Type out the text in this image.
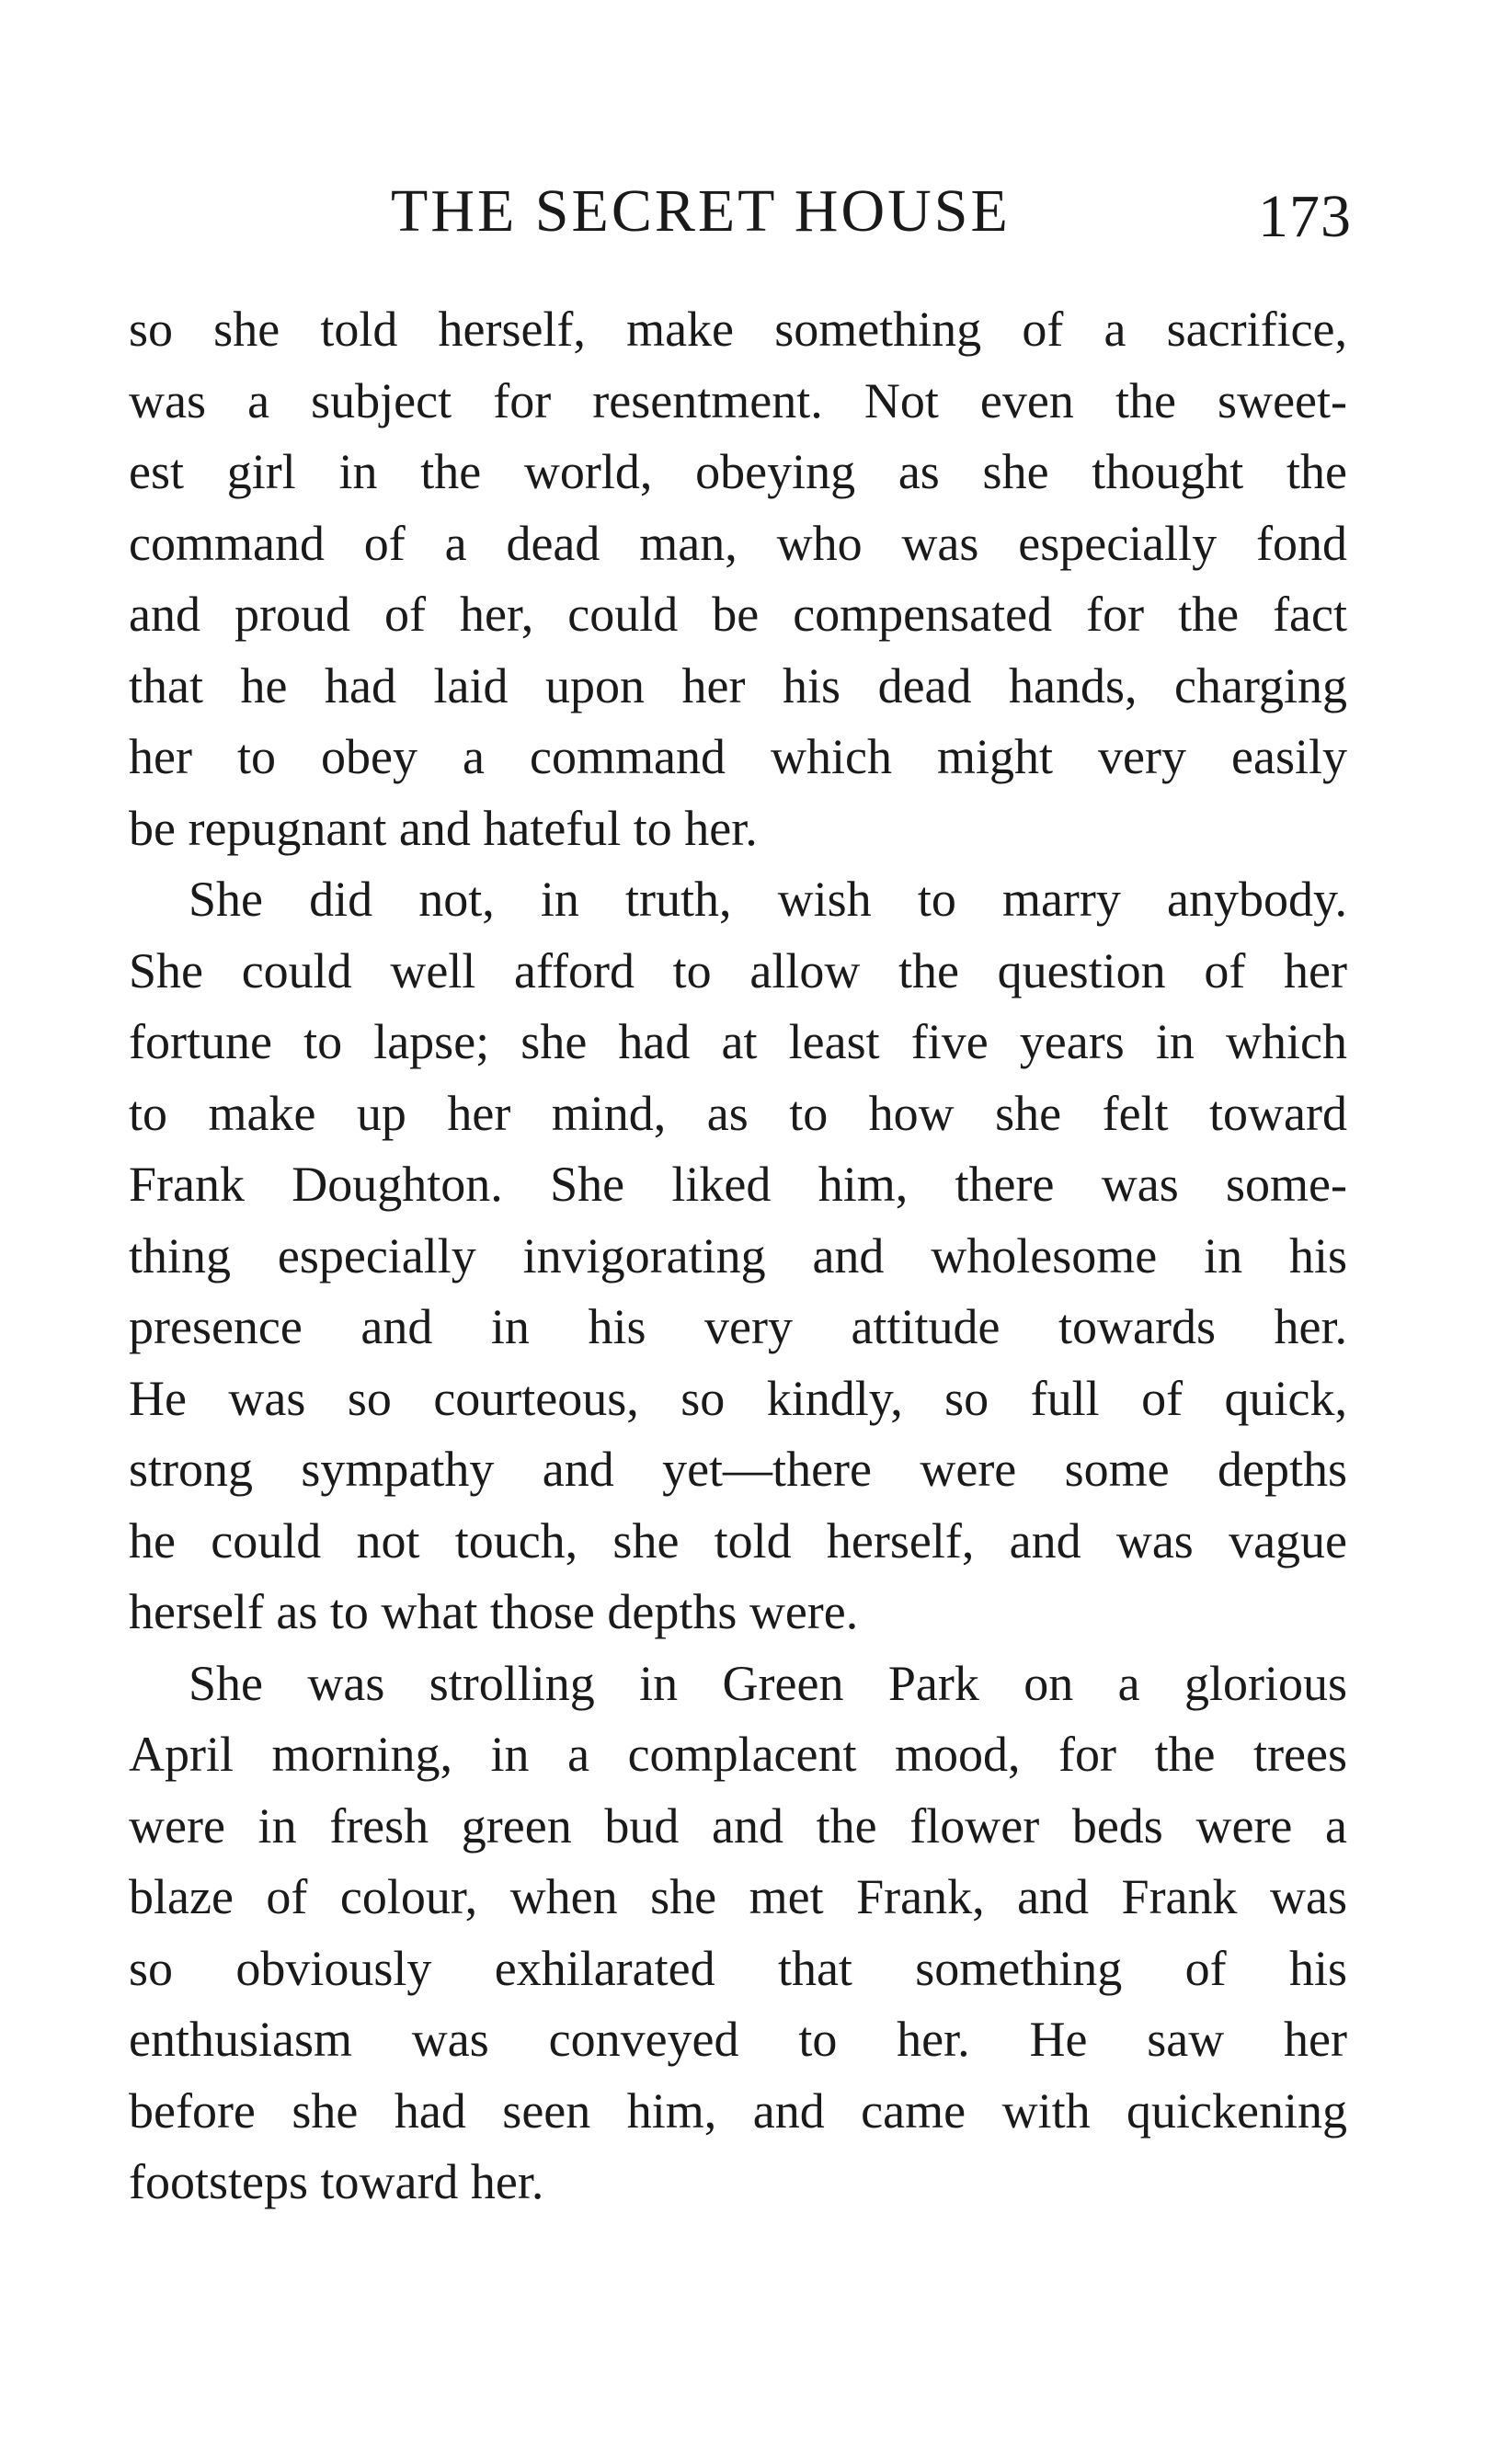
THE SECRET HOUSE	173
so she told herself, make something of a sacrifice,
was a subject for resentment. Not even the sweet-
est girl in the world, obeying as she thought the
command of a dead man, who was especially fond
and proud of her, could be compensated for the fact
that he had laid upon her his dead hands, charging
her to obey a command which might very easily
be repugnant and hateful to her.
She did not, in truth, wish to marry anybody.
She could well afford to allow the question of her
fortune to lapse; she had at least five years in which
to make up her mind, as to how she felt toward
Frank Doughton. She liked him, there was some-
thing especially invigorating and wholesome in his
presence and in his very attitude towards her.
He was so courteous, so kindly, so full of quick,
strong sympathy and yet—there were some depths
he could not touch, she told herself, and was vague
herself as to what those depths were.
She was strolling in Green Park on a glorious
April morning, in a complacent mood, for the trees
were in fresh green bud and the flower beds were a
blaze of colour, when she met Frank, and Frank was
so obviously exhilarated that something of his
enthusiasm was conveyed to her. He saw her
before she had seen him, and came with quickening
footsteps toward her.
